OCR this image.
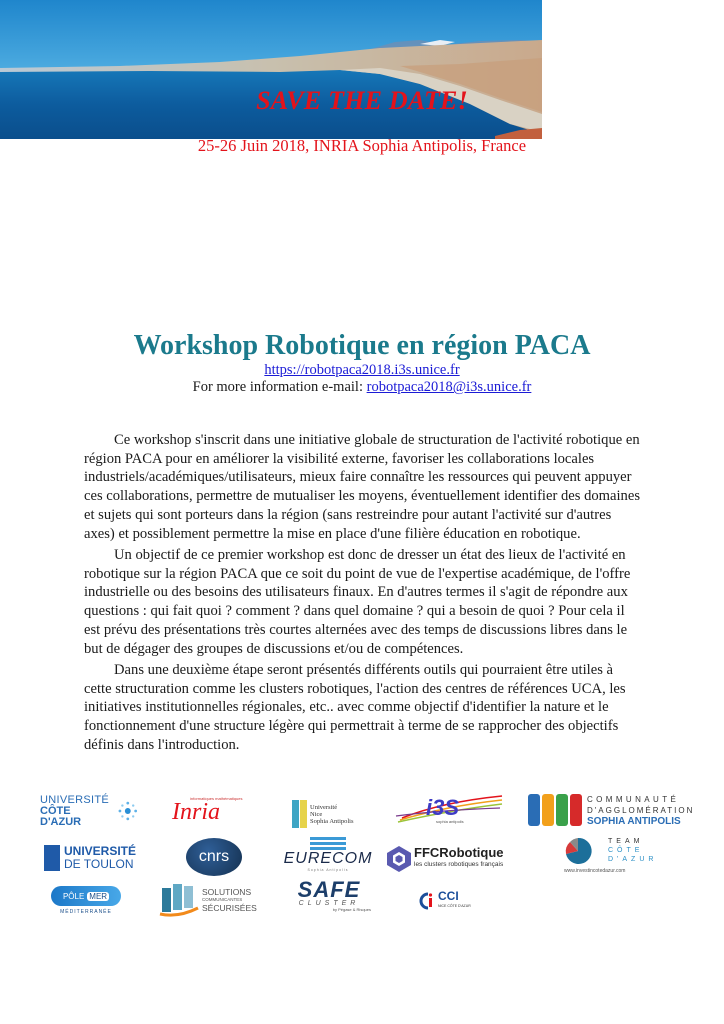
SAVE THE DATE!
25-26 Juin 2018, INRIA Sophia Antipolis, France
Workshop Robotique en région PACA
https://robotpaca2018.i3s.unice.fr
For more information e-mail: robotpaca2018@i3s.unice.fr

Ce workshop s'inscrit dans une initiative globale de structuration de l'activité robotique en région PACA pour en améliorer la visibilité externe, favoriser les collaborations locales industriels/académiques/utilisateurs, mieux faire connaître les ressources qui peuvent appuyer ces collaborations, permettre de mutualiser les moyens, éventuellement identifier des domaines et sujets qui sont porteurs dans la région (sans restreindre pour autant l'activité sur d'autres axes) et possiblement permettre la mise en place d'une filière éducation en robotique.

Un objectif de ce premier workshop est donc de dresser un état des lieux de l'activité en robotique sur la région PACA que ce soit du point de vue de l'expertise académique, de l'offre industrielle ou des besoins des utilisateurs finaux. En d'autres termes il s'agit de répondre aux questions : qui fait quoi ? comment ? dans quel domaine ? qui a besoin de quoi ? Pour cela il est prévu des présentations très courtes alternées avec des temps de discussions libres dans le but de dégager des groupes de discussions et/ou de compétences.

Dans une deuxième étape seront présentés différents outils qui pourraient être utiles à cette structuration comme les clusters robotiques, l'action des centres de références UCA, les initiatives institutionnelles régionales, etc.. avec comme objectif d'identifier la nature et le fonctionnement d'une structure légère qui permettrait à terme de se rapprocher des objectifs définis dans l'introduction.

UNIVERSITÉ
CÔTE D'AZUR
informatiques mathématiques
Inria	Université
Nice
Sophia Antipolis
i3S
sophia antipolis
COMMUNAUTÉ
D'AGGLOMÉRATION
SOPHIA ANTIPOLIS
UNIVERSITÉ
DE TOULON	cnrs	EURECOM
Sophia Antipolis
FFCRobotique
les clusters robotiques français
TEAM
CÔTE
D'AZUR
www.investincotedazur.com
PÔLE MER
MÉDITERRANÉE
SOLUTIONS
COMMUNICANTES
SÉCURISÉES
SAFE
CLUSTER
by Pégase & Risques
CCI
NICE CÔTE D'AZUR
